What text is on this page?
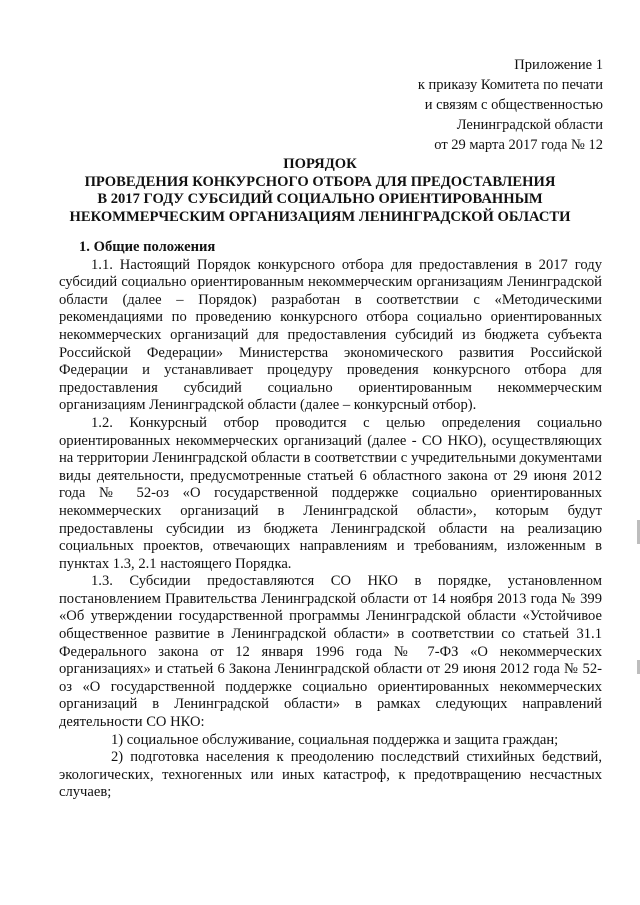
Приложение 1
к приказу Комитета по печати
и связям с общественностью
Ленинградской области
от 29 марта 2017 года № 12
ПОРЯДОК
ПРОВЕДЕНИЯ КОНКУРСНОГО ОТБОРА ДЛЯ ПРЕДОСТАВЛЕНИЯ
В 2017 ГОДУ СУБСИДИЙ СОЦИАЛЬНО ОРИЕНТИРОВАННЫМ
НЕКОММЕРЧЕСКИМ ОРГАНИЗАЦИЯМ ЛЕНИНГРАДСКОЙ ОБЛАСТИ
1. Общие положения

1.1. Настоящий Порядок конкурсного отбора для предоставления в 2017 году субсидий социально ориентированным некоммерческим организациям Ленинградской области (далее – Порядок) разработан в соответствии с «Методическими рекомендациями по проведению конкурсного отбора социально ориентированных некоммерческих организаций для предоставления субсидий из бюджета субъекта Российской Федерации» Министерства экономического развития Российской Федерации и устанавливает процедуру проведения конкурсного отбора для предоставления субсидий социально ориентированным некоммерческим организациям Ленинградской области (далее – конкурсный отбор).

1.2. Конкурсный отбор проводится с целью определения социально ориентированных некоммерческих организаций (далее - СО НКО), осуществляющих на территории Ленинградской области в соответствии с учредительными документами виды деятельности, предусмотренные статьей 6 областного закона от 29 июня 2012 года № 52-оз «О государственной поддержке социально ориентированных некоммерческих организаций в Ленинградской области», которым будут предоставлены субсидии из бюджета Ленинградской области на реализацию социальных проектов, отвечающих направлениям и требованиям, изложенным в пунктах 1.3, 2.1 настоящего Порядка.

1.3. Субсидии предоставляются СО НКО в порядке, установленном постановлением Правительства Ленинградской области от 14 ноября 2013 года № 399 «Об утверждении государственной программы Ленинградской области «Устойчивое общественное развитие в Ленинградской области» в соответствии со статьей 31.1 Федерального закона от 12 января 1996 года № 7-ФЗ «О некоммерческих организациях» и статьей 6 Закона Ленинградской области от 29 июня 2012 года № 52-оз «О государственной поддержке социально ориентированных некоммерческих организаций в Ленинградской области» в рамках следующих направлений деятельности СО НКО:

1) социальное обслуживание, социальная поддержка и защита граждан;

2) подготовка населения к преодолению последствий стихийных бедствий, экологических, техногенных или иных катастроф, к предотвращению несчастных случаев;
